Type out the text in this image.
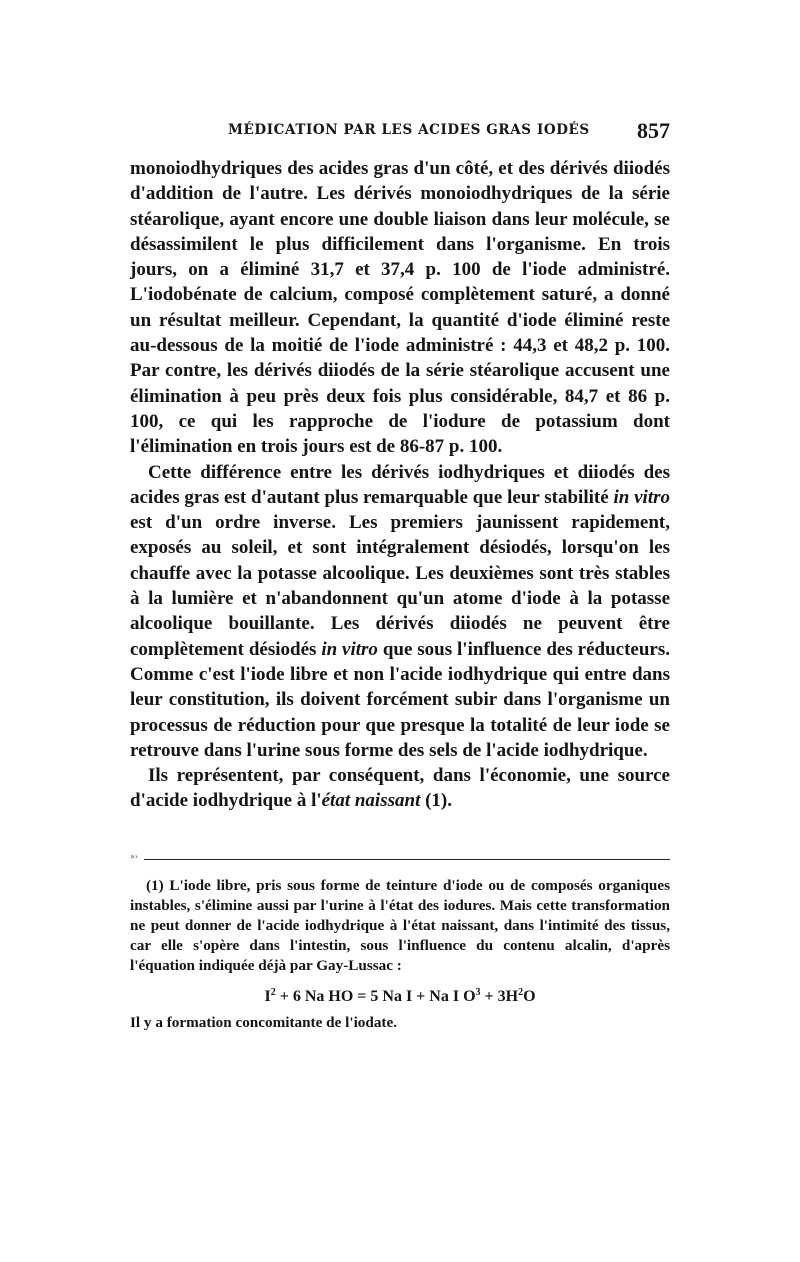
MÉDICATION PAR LES ACIDES GRAS IODÉS 857

monoiodhydriques des acides gras d'un côté, et des dérivés diiodés d'addition de l'autre. Les dérivés monoiodhydriques de la série stéarolique, ayant encore une double liaison dans leur molécule, se désassimilent le plus difficilement dans l'organisme. En trois jours, on a éliminé 31,7 et 37,4 p. 100 de l'iode administré. L'iodobénate de calcium, composé complètement saturé, a donné un résultat meilleur. Cependant, la quantité d'iode éliminé reste au-dessous de la moitié de l'iode administré : 44,3 et 48,2 p. 100. Par contre, les dérivés diiodés de la série stéarolique accusent une élimination à peu près deux fois plus considérable, 84,7 et 86 p. 100, ce qui les rapproche de l'iodure de potassium dont l'élimination en trois jours est de 86-87 p. 100.

Cette différence entre les dérivés iodhydriques et diiodés des acides gras est d'autant plus remarquable que leur stabilité in vitro est d'un ordre inverse. Les premiers jaunissent rapidement, exposés au soleil, et sont intégralement désiodés, lorsqu'on les chauffe avec la potasse alcoolique. Les deuxièmes sont très stables à la lumière et n'abandonnent qu'un atome d'iode à la potasse alcoolique bouillante. Les dérivés diiodés ne peuvent être complètement désiodés in vitro que sous l'influence des réducteurs. Comme c'est l'iode libre et non l'acide iodhydrique qui entre dans leur constitution, ils doivent forcément subir dans l'organisme un processus de réduction pour que presque la totalité de leur iode se retrouve dans l'urine sous forme des sels de l'acide iodhydrique.

Ils représentent, par conséquent, dans l'économie, une source d'acide iodhydrique à l'état naissant (1).

»›

(1) L'iode libre, pris sous forme de teinture d'iode ou de composés organiques instables, s'élimine aussi par l'urine à l'état des iodures. Mais cette transformation ne peut donner de l'acide iodhydrique à l'état naissant, dans l'intimité des tissus, car elle s'opère dans l'intestin, sous l'influence du contenu alcalin, d'après l'équation indiquée déjà par Gay-Lussac :

$I^2 + 6$ Na HO = 5 Na I + Na I $O^3 + 3H^2O$
Il y a formation concomitante de l'iodate.
